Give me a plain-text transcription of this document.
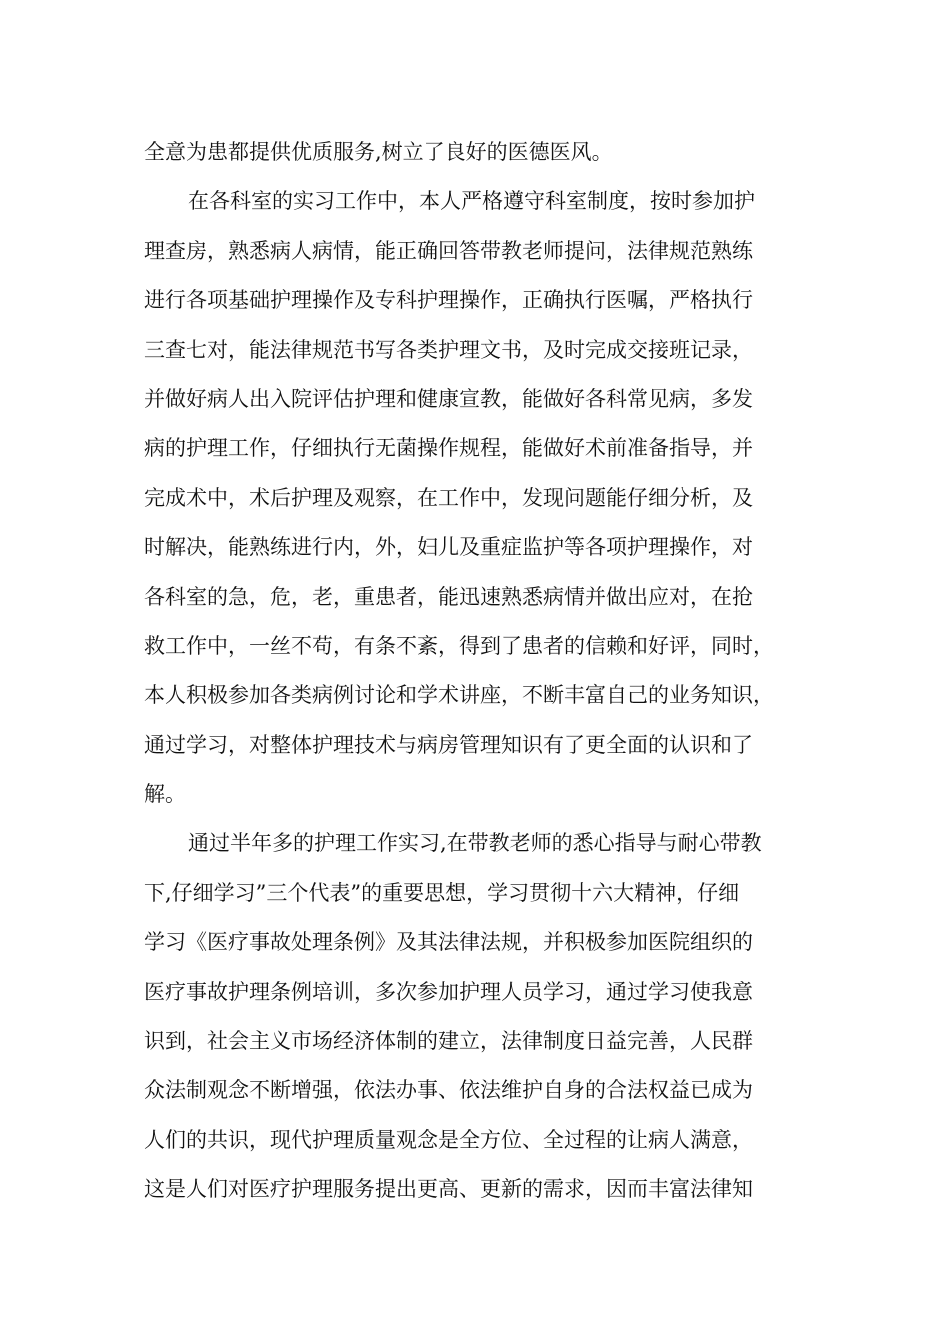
全意为患都提供优质服务,树立了良好的医德医风。
在各科室的实习工作中，本人严格遵守科室制度，按时参加护
理查房，熟悉病人病情，能正确回答带教老师提问，法律规范熟练
进行各项基础护理操作及专科护理操作，正确执行医嘱，严格执行
三查七对，能法律规范书写各类护理文书，及时完成交接班记录，
并做好病人出入院评估护理和健康宣教，能做好各科常见病，多发
病的护理工作，仔细执行无菌操作规程，能做好术前准备指导，并
完成术中，术后护理及观察，在工作中，发现问题能仔细分析，及
时解决，能熟练进行内，外，妇儿及重症监护等各项护理操作，对
各科室的急，危，老，重患者，能迅速熟悉病情并做出应对，在抢
救工作中，一丝不苟，有条不紊，得到了患者的信赖和好评，同时，
本人积极参加各类病例讨论和学术讲座，不断丰富自己的业务知识，
通过学习，对整体护理技术与病房管理知识有了更全面的认识和了
解。
通过半年多的护理工作实习,在带教老师的悉心指导与耐心带教
下,仔细学习”三个代表”的重要思想，学习贯彻十六大精神，仔细
学习《医疗事故处理条例》及其法律法规，并积极参加医院组织的
医疗事故护理条例培训，多次参加护理人员学习，通过学习使我意
识到，社会主义市场经济体制的建立，法律制度日益完善，人民群
众法制观念不断增强，依法办事、依法维护自身的合法权益已成为
人们的共识，现代护理质量观念是全方位、全过程的让病人满意，
这是人们对医疗护理服务提出更高、更新的需求，因而丰富法律知
